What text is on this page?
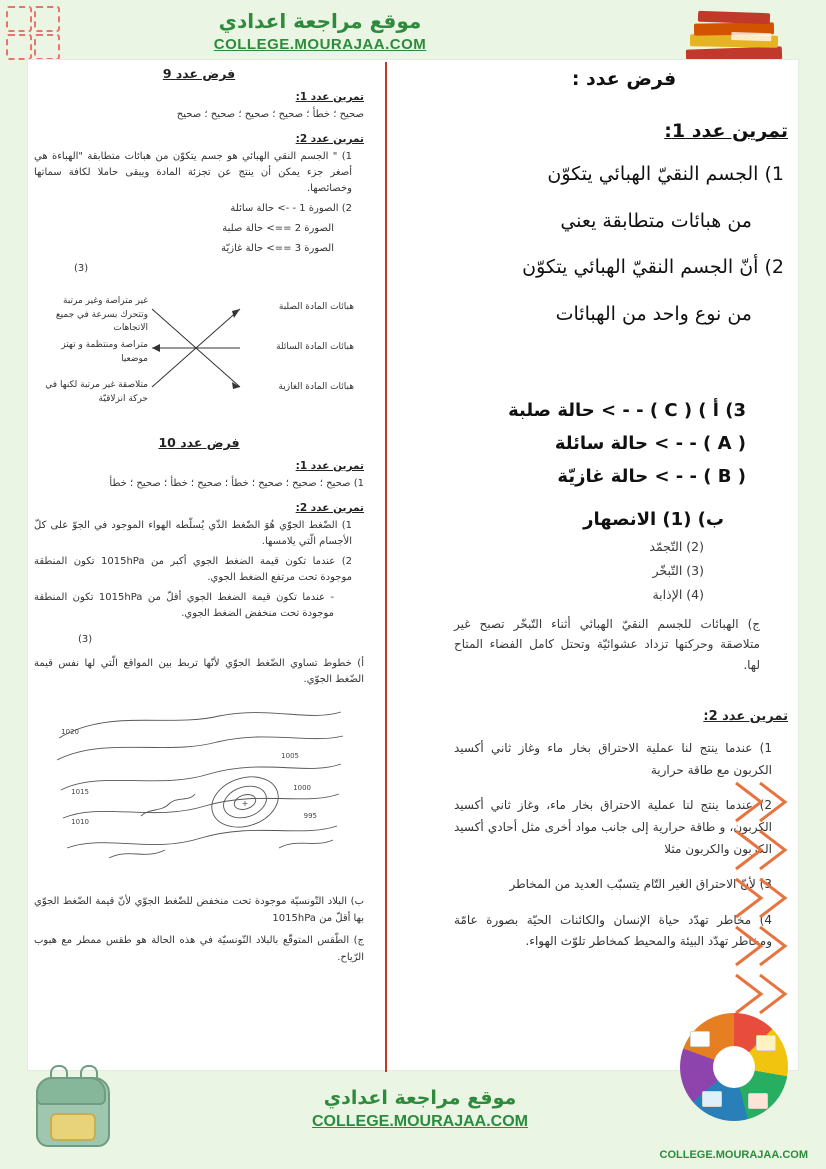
موقع مراجعة اعدادي
COLLEGE.MOURAJAA.COM
فرض عدد :
تمرين عدد 1:
1) الجسم النقيّ الهبائي يتكوّن
من هبائات متطابقة يعني
2) أنّ الجسم النقيّ الهبائي يتكوّن
من نوع واحد من الهبائات
3) أ ) ( C ) - - > حالة صلبة
( A ) - - > حالة سائلة
( B ) - - > حالة غازيّة
ب) (1) الانصهار
(2) التّجمّد
(3) التّبخّر
(4) الإذابة
ج) الهبائات للجسم النقيّ الهبائي أثناء التّبخّر تصبح غير متلاصقة وحركتها تزداد عشوائيّة وتحتل كامل الفضاء المتاح لها.
تمرين عدد 2:
1) عندما ينتج لنا عملية الاحتراق بخار ماء وغاز ثاني أكسيد الكربون مع طاقة حرارية
2) عندما ينتج لنا عملية الاحتراق بخار ماء، وغاز ثاني أكسيد الكربون، و طاقة حرارية إلى جانب مواد أخرى مثل أحادي أكسيد الكربون والكربون مثلا
3) لأنّ الاحتراق الغير التّام يتسبّب العديد من المخاطر
4) مخاطر تهدّد حياة الإنسان والكائنات الحيّة بصورة عامّة ومخاطر تهدّد البيئة والمحيط كمخاطر تلوّث الهواء.
فرض عدد 9
تمرين عدد 1:
صحيح ؛ خطأ ؛ صحيح ؛ صحيح ؛ صحيح ؛ صحيح
تمرين عدد 2:
1) " الجسم النقي الهبائي هو جسم يتكوّن من هبائات متطابقة "الهباءة هي أصغر جزء يمكن أن ينتج عن تجزئة المادة ويبقى حاملا لكافة سماتها وخصائصها.
2) الصورة 1 - -> حالة سائلة
الصورة 2 ==> حالة صلبة
الصورة 3 ==> حالة غازيّة
(3)
هبائات المادة الصلبة
هبائات المادة السائلة
هبائات المادة الغازية
غير متراصة وغير مرتبة وتتحرك بسرعة في جميع الاتجاهات
متراصة ومنتظمة و تهتز موضعيا
متلاصقة غير مرتبة لكنها في حركة انزلاقيّة
فرض عدد 10
تمرين عدد 1:
1) صحيح ؛ صحيح ؛ صحيح ؛ خطأ ؛ صحيح ؛ خطأ ؛ صحيح ؛ خطأ
تمرين عدد 2:
1) الضّغط الجوّي هُوَ الضّغط الذّي يُسلّطه الهواء الموجود في الجوّ على كلّ الأجسام الّتي يلامسها.
2) عندما تكون قيمة الضغط الجوي أكبر من 1015hPa تكون المنطقة موجودة تحت مرتفع الضغط الجوي.
- عندما تكون قيمة الضغط الجوي أقلّ من 1015hPa تكون المنطقة موجودة تحت منخفض الضغط الجوي.
(3)
أ) خطوط تساوي الضّغط الجوّي لأنّها تربط بين المواقع الّتي لها نفس قيمة الضّغط الجوّي.
+
1020
1015
1010
1005
1000
995
ب) البلاد التّونسيّة موجودة تحت منخفض للضّغط الجوّي لأنّ قيمة الضّغط الجوّي بها أقلّ من 1015hPa
ج) الطّقس المتوقّع بالبلاد التّونسيّة في هذه الحالة هو طقس ممطر مع هبوب الرّياح.
موقع مراجعة اعدادي
COLLEGE.MOURAJAA.COM
COLLEGE.MOURAJAA.COM
